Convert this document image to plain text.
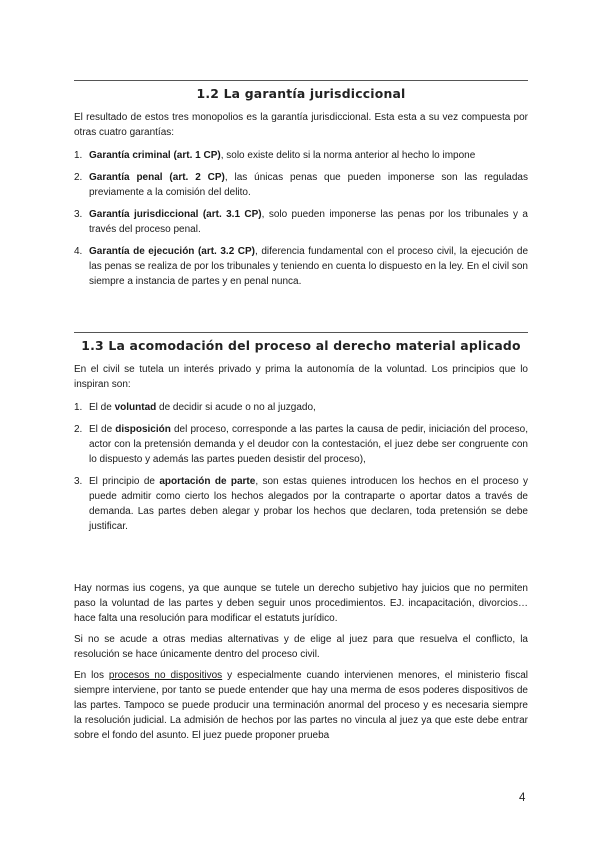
1.2 La garantía jurisdiccional

El resultado de estos tres monopolios es la garantía jurisdiccional. Esta esta a su vez compuesta por otras cuatro garantías:

1. Garantía criminal (art. 1 CP), solo existe delito si la norma anterior al hecho lo impone
2. Garantía penal (art. 2 CP), las únicas penas que pueden imponerse son las reguladas previamente a la comisión del delito.
3. Garantía jurisdiccional (art. 3.1 CP), solo pueden imponerse las penas por los tribunales y a través del proceso penal.
4. Garantía de ejecución (art. 3.2 CP), diferencia fundamental con el proceso civil, la ejecución de las penas se realiza de por los tribunales y teniendo en cuenta lo dispuesto en la ley. En el civil son siempre a instancia de partes y en penal nunca.
1.3 La acomodación del proceso al derecho material aplicado

En el civil se tutela un interés privado y prima la autonomía de la voluntad. Los principios que lo inspiran son:

1. El de voluntad de decidir si acude o no al juzgado,
2. El de disposición del proceso, corresponde a las partes la causa de pedir, iniciación del proceso, actor con la pretensión demanda y el deudor con la contestación, el juez debe ser congruente con lo dispuesto y además las partes pueden desistir del proceso),
3. El principio de aportación de parte, son estas quienes introducen los hechos en el proceso y puede admitir como cierto los hechos alegados por la contraparte o aportar datos a través de demanda. Las partes deben alegar y probar los hechos que declaren, toda pretensión se debe justificar.

Hay normas ius cogens, ya que aunque se tutele un derecho subjetivo hay juicios que no permiten paso la voluntad de las partes y deben seguir unos procedimientos. EJ. incapacitación, divorcios… hace falta una resolución para modificar el estatuts jurídico.

Si no se acude a otras medias alternativas y de elige al juez para que resuelva el conflicto, la resolución se hace únicamente dentro del proceso civil.

En los procesos no dispositivos y especialmente cuando intervienen menores, el ministerio fiscal siempre interviene, por tanto se puede entender que hay una merma de esos poderes dispositivos de las partes. Tampoco se puede producir una terminación anormal del proceso y es necesaria siempre la resolución judicial. La admisión de hechos por las partes no vincula al juez ya que este debe entrar sobre el fondo del asunto. El juez puede proponer prueba

4
